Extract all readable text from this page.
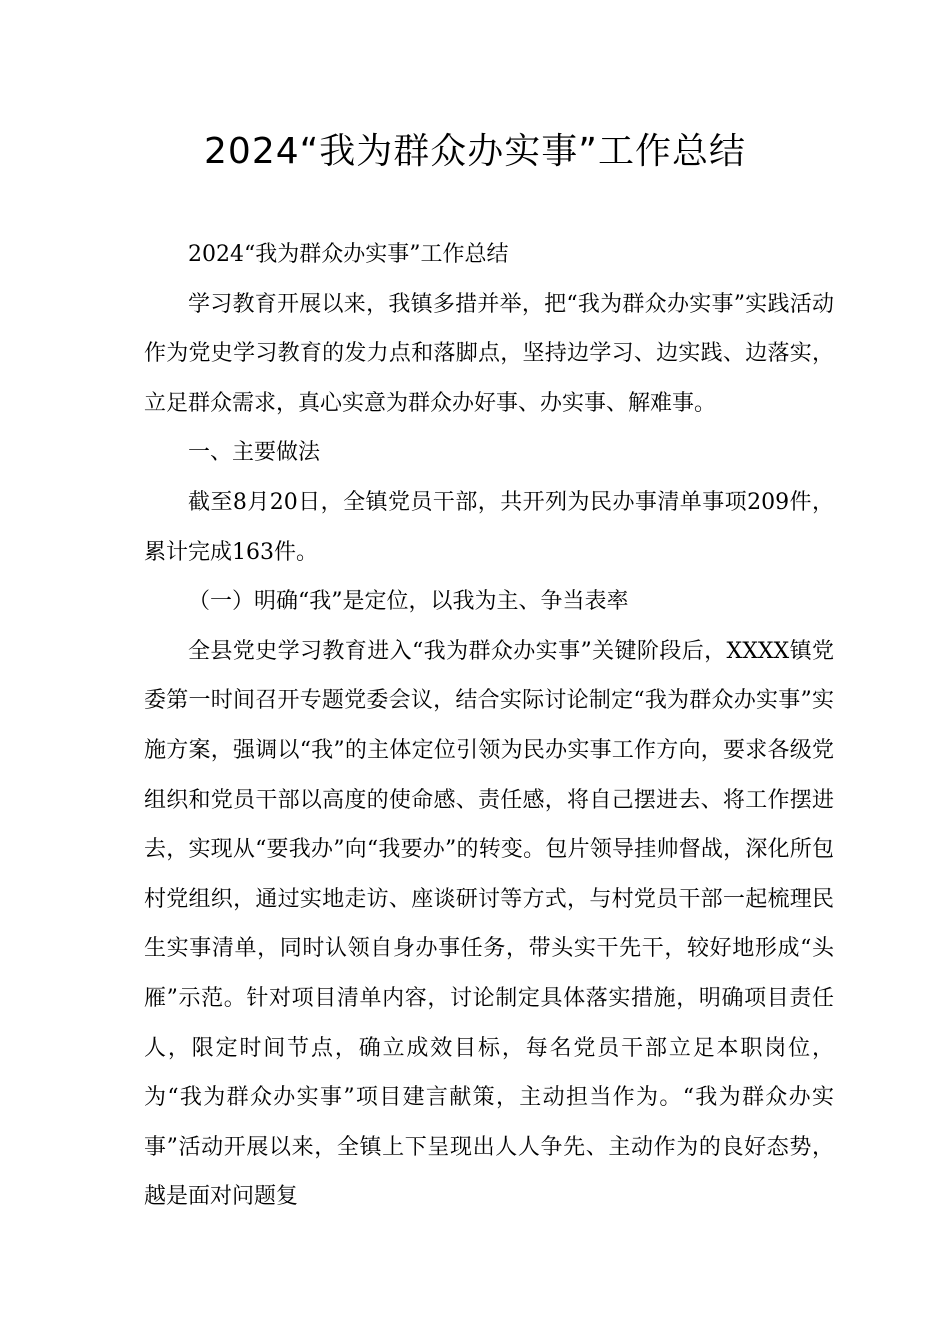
2024“我为群众办实事”工作总结

2024“我为群众办实事”工作总结

学习教育开展以来，我镇多措并举，把“我为群众办实事”实践活动作为党史学习教育的发力点和落脚点，坚持边学习、边实践、边落实，立足群众需求，真心实意为群众办好事、办实事、解难事。

一、主要做法

截至8月20日，全镇党员干部，共开列为民办事清单事项209件，累计完成163件。

（一）明确“我”是定位，以我为主、争当表率

全县党史学习教育进入“我为群众办实事”关键阶段后，XXXX镇党委第一时间召开专题党委会议，结合实际讨论制定“我为群众办实事”实施方案，强调以“我”的主体定位引领为民办实事工作方向，要求各级党组织和党员干部以高度的使命感、责任感，将自己摆进去、将工作摆进去，实现从“要我办”向“我要办”的转变。包片领导挂帅督战，深化所包村党组织，通过实地走访、座谈研讨等方式，与村党员干部一起梳理民生实事清单，同时认领自身办事任务，带头实干先干，较好地形成“头雁”示范。针对项目清单内容，讨论制定具体落实措施，明确项目责任人，限定时间节点，确立成效目标，每名党员干部立足本职岗位，为“我为群众办实事”项目建言献策，主动担当作为。“我为群众办实事”活动开展以来，全镇上下呈现出人人争先、主动作为的良好态势，越是面对问题复
